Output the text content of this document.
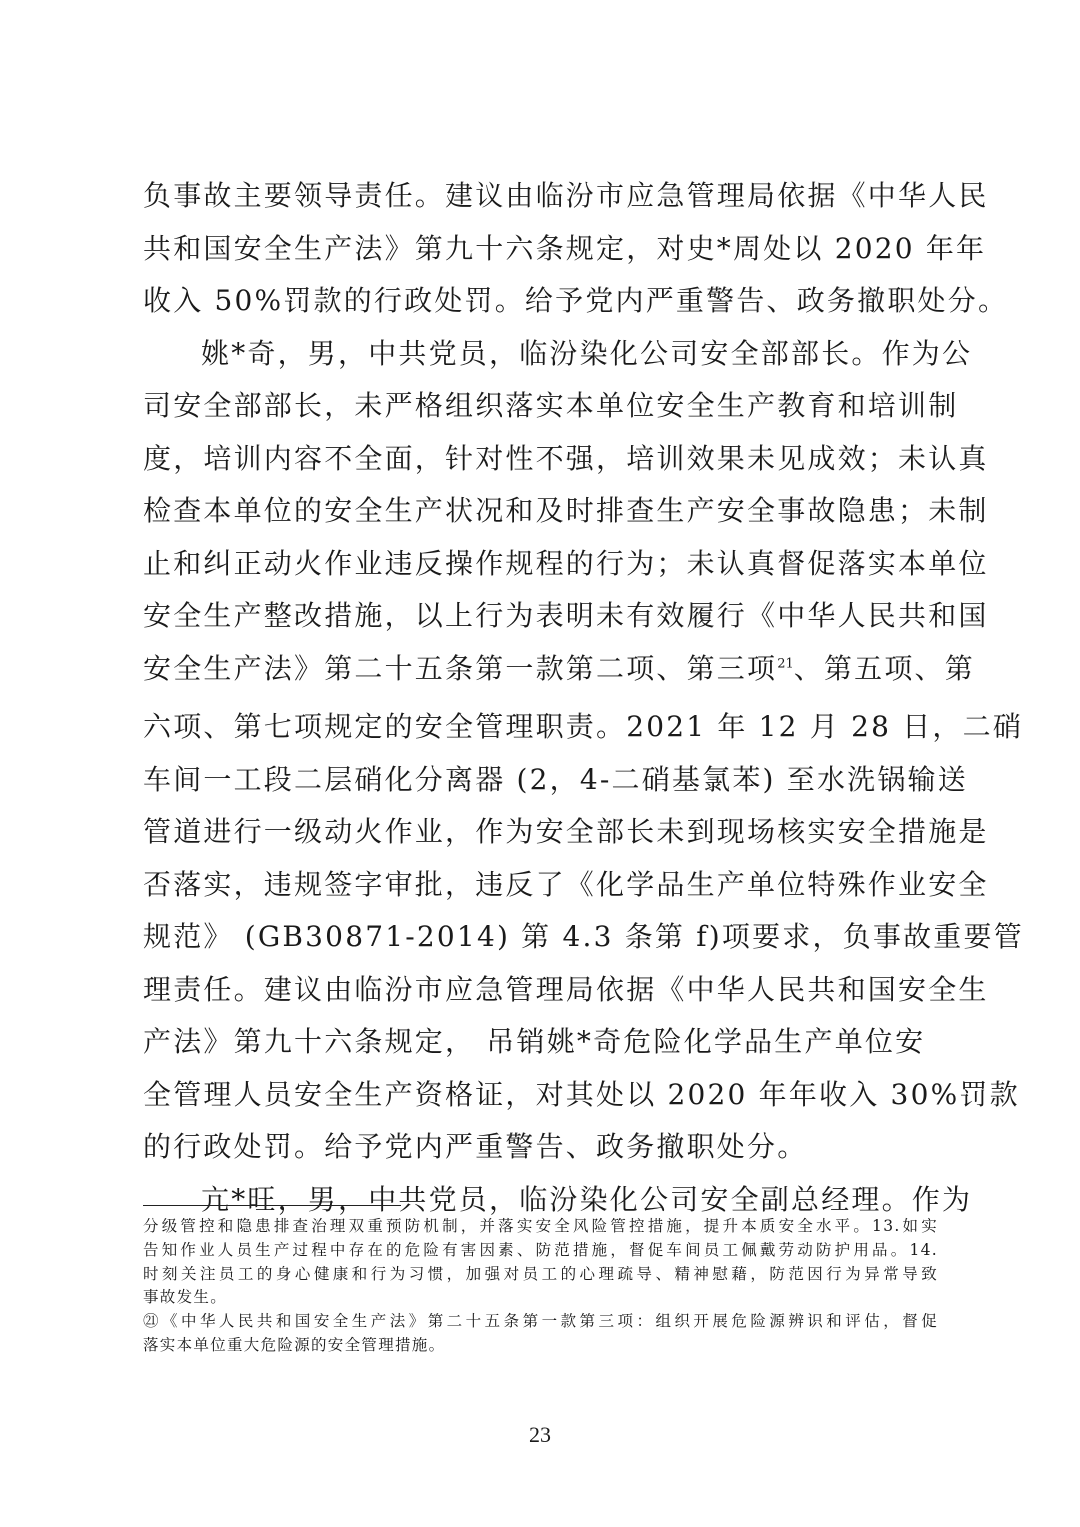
负事故主要领导责任。建议由临汾市应急管理局依据《中华人民
共和国安全生产法》第九十六条规定，对史*周处以 2020 年年
收入 50%罚款的行政处罚。给予党内严重警告、政务撤职处分。
姚*奇，男，中共党员，临汾染化公司安全部部长。作为公
司安全部部长，未严格组织落实本单位安全生产教育和培训制
度，培训内容不全面，针对性不强，培训效果未见成效；未认真
检查本单位的安全生产状况和及时排查生产安全事故隐患；未制
止和纠正动火作业违反操作规程的行为；未认真督促落实本单位
安全生产整改措施，以上行为表明未有效履行《中华人民共和国
安全生产法》第二十五条第一款第二项、第三项$^{21}$、第五项、第
六项、第七项规定的安全管理职责。2021 年 12 月 28 日，二硝
车间一工段二层硝化分离器 (2，4-二硝基氯苯) 至水洗锅输送
管道进行一级动火作业，作为安全部长未到现场核实安全措施是
否落实，违规签字审批，违反了《化学品生产单位特殊作业安全
规范》 (GB30871-2014) 第 4.3 条第 f)项要求，负事故重要管
理责任。建议由临汾市应急管理局依据《中华人民共和国安全生
产法》第九十六条规定， 吊销姚*奇危险化学品生产单位安
全管理人员安全生产资格证，对其处以 2020 年年收入 30%罚款
的行政处罚。给予党内严重警告、政务撤职处分。
亢*旺，男，中共党员，临汾染化公司安全副总经理。作为
分级管控和隐患排查治理双重预防机制，并落实安全风险管控措施，提升本质安全水平。13.如实
告知作业人员生产过程中存在的危险有害因素、防范措施，督促车间员工佩戴劳动防护用品。14.
时刻关注员工的身心健康和行为习惯，加强对员工的心理疏导、精神慰藉，防范因行为异常导致
事故发生。
㉑《中华人民共和国安全生产法》第二十五条第一款第三项：组织开展危险源辨识和评估，督促
落实本单位重大危险源的安全管理措施。
23
